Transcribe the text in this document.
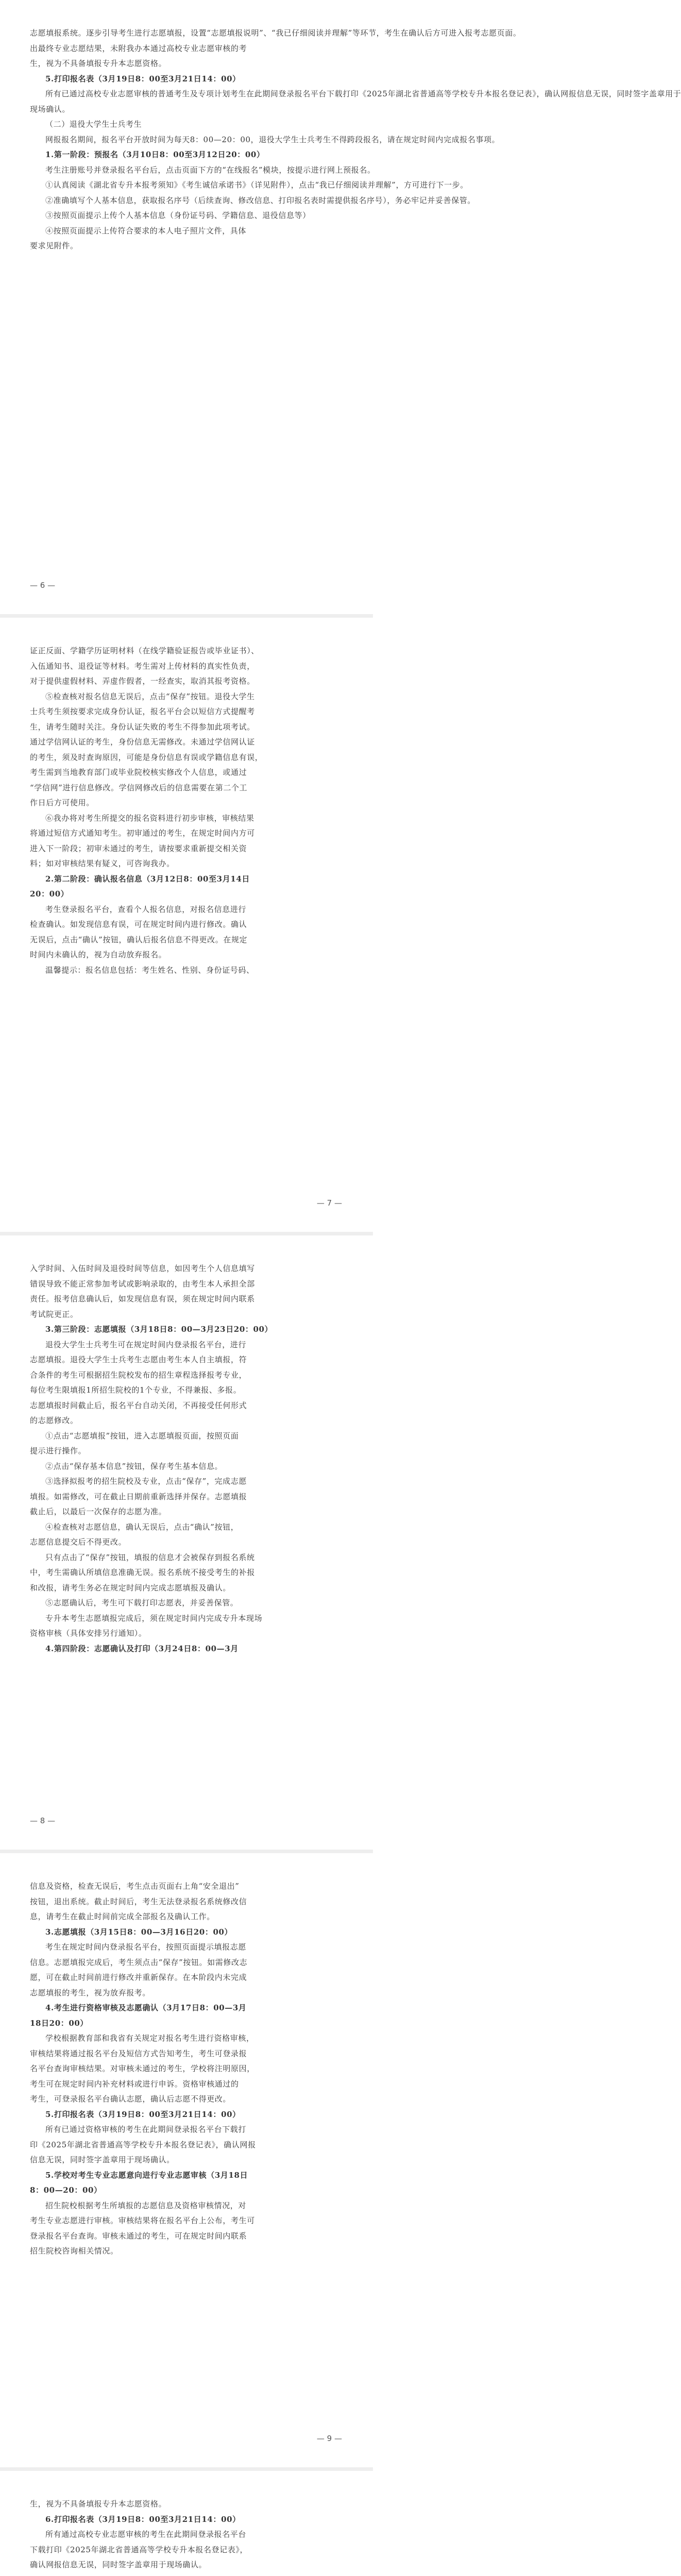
志愿填报系统。逐步引导考生进行志愿填报，设置“志愿填报说明”、“我已仔细阅读并理解”等环节，考生在确认后方可进入报考志愿页面。
出最终专业志愿结果，未附我办本通过高校专业志愿审核的考
生，视为不具备填报专升本志愿资格。
5.打印报名表（3月19日8：00至3月21日14：00）
所有已通过高校专业志愿审核的普通考生及专项计划考生在此期间登录报名平台下载打印《2025年湖北省普通高等学校专升本报名登记表》，确认网报信息无误，同时签字盖章用于
现场确认。
（二）退役大学生士兵考生
网报报名期间，报名平台开放时间为每天8：00—20：00，退役大学生士兵考生不得跨段报名，请在规定时间内完成报名事项。
1.第一阶段：预报名（3月10日8：00至3月12日20：00）
考生注册账号并登录报名平台后，点击页面下方的“在线报名”模块，按提示进行网上预报名。
①认真阅读《湖北省专升本报考须知》《考生诚信承诺书》（详见附件），点击“我已仔细阅读并理解”，方可进行下一步。
②准确填写个人基本信息，获取报名序号（后续查询、修改信息、打印报名表时需提供报名序号），务必牢记并妥善保管。
③按照页面提示上传个人基本信息（身份证号码、学籍信息、退役信息等）
④按照页面提示上传符合要求的本人电子照片文件，具体
要求见附件。
— 6 —
证正反面、学籍学历证明材料（在线学籍验证报告或毕业证书）、
入伍通知书、退役证等材料。考生需对上传材料的真实性负责，
对于提供虚假材料、弄虚作假者，一经查实，取消其报考资格。
⑤检查核对报名信息无误后，点击“保存”按钮。退役大学生
士兵考生须按要求完成身份认证，报名平台会以短信方式提醒考
生，请考生随时关注。身份认证失败的考生不得参加此项考试。
通过学信网认证的考生，身份信息无需修改。未通过学信网认证
的考生，须及时查询原因，可能是身份信息有误或学籍信息有误，
考生需到当地教育部门或毕业院校核实修改个人信息，或通过
“学信网”进行信息修改。学信网修改后的信息需要在第二个工
作日后方可使用。
⑥我办将对考生所提交的报名资料进行初步审核，审核结果
将通过短信方式通知考生。初审通过的考生，在规定时间内方可
进入下一阶段；初审未通过的考生，请按要求重新提交相关资
料；如对审核结果有疑义，可咨询我办。
2.第二阶段：确认报名信息（3月12日8：00至3月14日
20：00）
考生登录报名平台，查看个人报名信息，对报名信息进行
检查确认。如发现信息有误，可在规定时间内进行修改。确认
无误后，点击“确认”按钮，确认后报名信息不得更改。在规定
时间内未确认的，视为自动放弃报名。
温馨提示：报名信息包括：考生姓名、性别、身份证号码、
— 7 —
入学时间、入伍时间及退役时间等信息，如因考生个人信息填写
错误导致不能正常参加考试或影响录取的，由考生本人承担全部
责任。报考信息确认后，如发现信息有误，须在规定时间内联系
考试院更正。
3.第三阶段：志愿填报（3月18日8：00—3月23日20：00）
退役大学生士兵考生可在规定时间内登录报名平台，进行
志愿填报。退役大学生士兵考生志愿由考生本人自主填报，符
合条件的考生可根据招生院校发布的招生章程选择报考专业，
每位考生限填报1所招生院校的1个专业，不得兼报、多报。
志愿填报时间截止后，报名平台自动关闭，不再接受任何形式
的志愿修改。
①点击“志愿填报”按钮，进入志愿填报页面，按照页面
提示进行操作。
②点击“保存基本信息”按钮，保存考生基本信息。
③选择拟报考的招生院校及专业，点击“保存”，完成志愿
填报。如需修改，可在截止日期前重新选择并保存。志愿填报
截止后，以最后一次保存的志愿为准。
④检查核对志愿信息，确认无误后，点击“确认”按钮，
志愿信息提交后不得更改。
只有点击了“保存”按钮，填报的信息才会被保存到报名系统
中，考生需确认所填信息准确无误。报名系统不接受考生的补报
和改报，请考生务必在规定时间内完成志愿填报及确认。
⑤志愿确认后，考生可下载打印志愿表，并妥善保管。
专升本考生志愿填报完成后，须在规定时间内完成专升本现场
资格审核（具体安排另行通知）。
4.第四阶段：志愿确认及打印（3月24日8：00—3月
— 8 —
信息及资格，检查无误后，考生点击页面右上角“安全退出”
按钮，退出系统。截止时间后，考生无法登录报名系统修改信
息，请考生在截止时间前完成全部报名及确认工作。
3.志愿填报（3月15日8：00—3月16日20：00）
考生在规定时间内登录报名平台，按照页面提示填报志愿
信息。志愿填报完成后，考生须点击“保存”按钮。如需修改志
愿，可在截止时间前进行修改并重新保存。在本阶段内未完成
志愿填报的考生，视为放弃报考。
4.考生进行资格审核及志愿确认（3月17日8：00—3月
18日20：00）
学校根据教育部和我省有关规定对报名考生进行资格审核，
审核结果将通过报名平台及短信方式告知考生，考生可登录报
名平台查询审核结果。对审核未通过的考生，学校将注明原因，
考生可在规定时间内补充材料或进行申诉。资格审核通过的
考生，可登录报名平台确认志愿，确认后志愿不得更改。
5.打印报名表（3月19日8：00至3月21日14：00）
所有已通过资格审核的考生在此期间登录报名平台下载打
印《2025年湖北省普通高等学校专升本报名登记表》，确认网报
信息无误，同时签字盖章用于现场确认。
5.学校对考生专业志愿意向进行专业志愿审核（3月18日
8：00—20：00）
招生院校根据考生所填报的志愿信息及资格审核情况，对
考生专业志愿进行审核。审核结果将在报名平台上公布，考生可
登录报名平台查询。审核未通过的考生，可在规定时间内联系
招生院校咨询相关情况。
— 9 —
生，视为不具备填报专升本志愿资格。
6.打印报名表（3月19日8：00至3月21日14：00）
所有通过高校专业志愿审核的考生在此期间登录报名平台
下载打印《2025年湖北省普通高等学校专升本报名登记表》，
确认网报信息无误，同时签字盖章用于现场确认。
